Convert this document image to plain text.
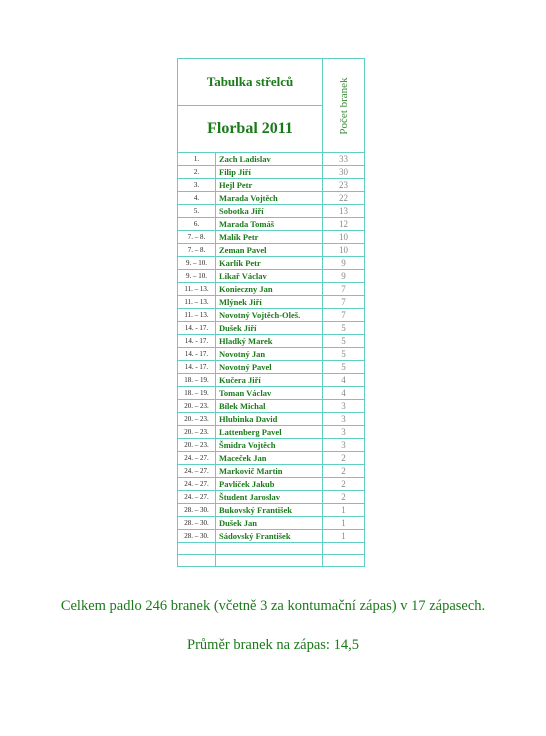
Tabulka střelců		Počet branek

Florbal 2011		
1.	Zach Ladislav	33
2.	Filip Jiří	30
3.	Hejl Petr	23
4.	Marada Vojtěch	22
5.	Sobotka Jiří	13
6.	Marada Tomáš	12
7. – 8.	Malík Petr	10
7. – 8.	Zeman Pavel	10
9. – 10.	Karlík Petr	9
9. – 10.	Likař Václav	9
11. – 13.	Konieczny Jan	7
11. – 13.	Mlýnek Jiří	7
11. – 13.	Novotný Vojtěch-Oleš.	7
14. - 17.	Dušek Jiří	5
14. - 17.	Hladký Marek	5
14. - 17.	Novotný Jan	5
14. - 17.	Novotný Pavel	5
18. – 19.	Kučera Jiří	4
18. – 19.	Toman Václav	4
20. – 23.	Bílek Michal	3
20. – 23.	Hlubinka David	3
20. – 23.	Lattenberg Pavel	3
20. – 23.	Šmidra Vojtěch	3
24. – 27.	Maceček Jan	2
24. – 27.	Markovič Martin	2
24. – 27.	Pavlíček Jakub	2
24. – 27.	Študent Jaroslav	2
28. – 30.	Bukovský František	1
28. – 30.	Dušek Jan	1
28. – 30.	Sádovský František	1

Celkem padlo 246 branek (včetně 3 za kontumační zápas) v 17 zápasech.

Průměr branek na zápas: 14,5
